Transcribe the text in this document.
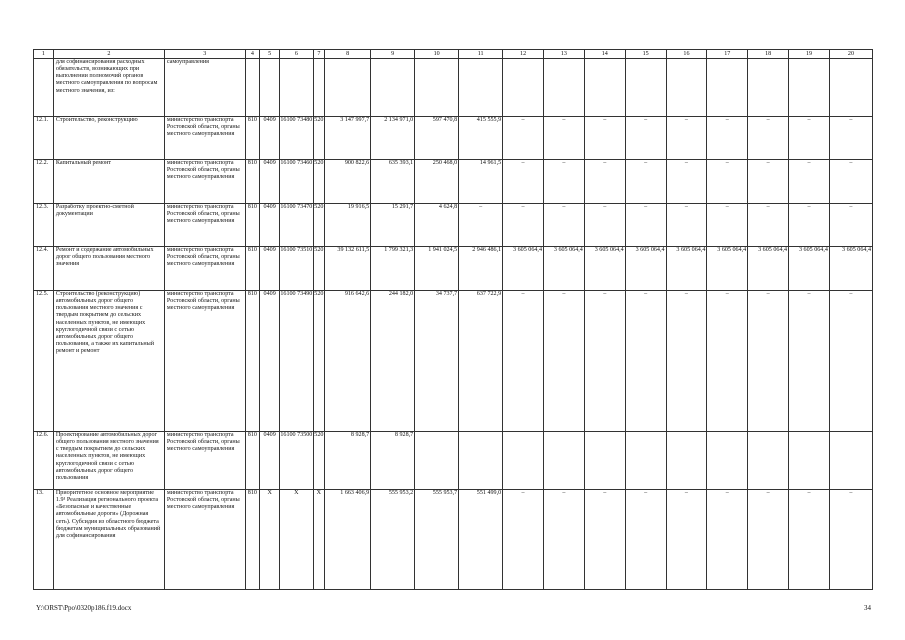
1	2	3	4	5	6	7	8	9	10	11	12	13	14	15	16	17	18	19	20
	для софинансирования расходных обязательств, возникающих при выполнении полномочий органов местного самоуправления по вопросам местного значения, из:	самоуправления																	
12.1.	Строительство, реконструкцию	министерство транспорта Ростовской области, органы местного самоуправления	810	0409	16100 73480	520	3 147 997,7	2 134 971,0	597 470,8	415 555,9	–	–	–	–	–	–	–	–	–
12.2.	Капитальный ремонт	министерство транспорта Ростовской области, органы местного самоуправления	810	0409	16100 73460	520	900 822,6	635 393,1	250 468,0	14 961,5	–	–	–	–	–	–	–	–	–
12.3.	Разработку проектно-сметной документации	министерство транспорта Ростовской области, органы местного самоуправления	810	0409	16100 73470	520	19 916,5	15 291,7	4 624,8	–	–	–	–	–	–	–	–	–	–
12.4.	Ремонт и содержание автомобильных дорог общего пользования местного значения	министерство транспорта Ростовской области, органы местного самоуправления	810	0409	16100 73510	520	39 132 611,5	1 799 321,3	1 941 024,5	2 946 486,1	3 605 064,4	3 605 064,4	3 605 064,4	3 605 064,4	3 605 064,4	3 605 064,4	3 605 064,4	3 605 064,4	3 605 064,4
12.5.	Строительство (реконструкцию) автомобильных дорог общего пользования местного значения с твердым покрытием до сельских населенных пунктов, не имеющих круглогодичной связи с сетью автомобильных дорог общего пользования, а также их капитальный ремонт и ремонт	министерство транспорта Ростовской области, органы местного самоуправления	810	0409	16100 73490	520	916 642,6	244 182,0	34 737,7	637 722,9	–	–	–	–	–	–	–	–	–
12.6.	Проектирование автомобильных дорог общего пользования местного значения с твердым покрытием до сельских населенных пунктов, не имеющих круглогодичной связи с сетью автомобильных дорог общего пользования	министерство транспорта Ростовской области, органы местного самоуправления	810	0409	16100 73500	520	8 928,7	8 928,7											
13.	Приоритетное основное мероприятие 1.9¹ Реализация регионального проекта «Безопасные и качественные автомобильные дороги» (Дорожная сеть). Субсидия из областного бюджета бюджетам муниципальных образований для софинансирования	министерство транспорта Ростовской области, органы местного самоуправления	810	Х	Х	Х	1 663 406,9	555 953,2	555 953,7	551 499,0	–	–	–	–	–	–	–	–	–
Y:\ORST\Ppo\0320p186.f19.docx	34
